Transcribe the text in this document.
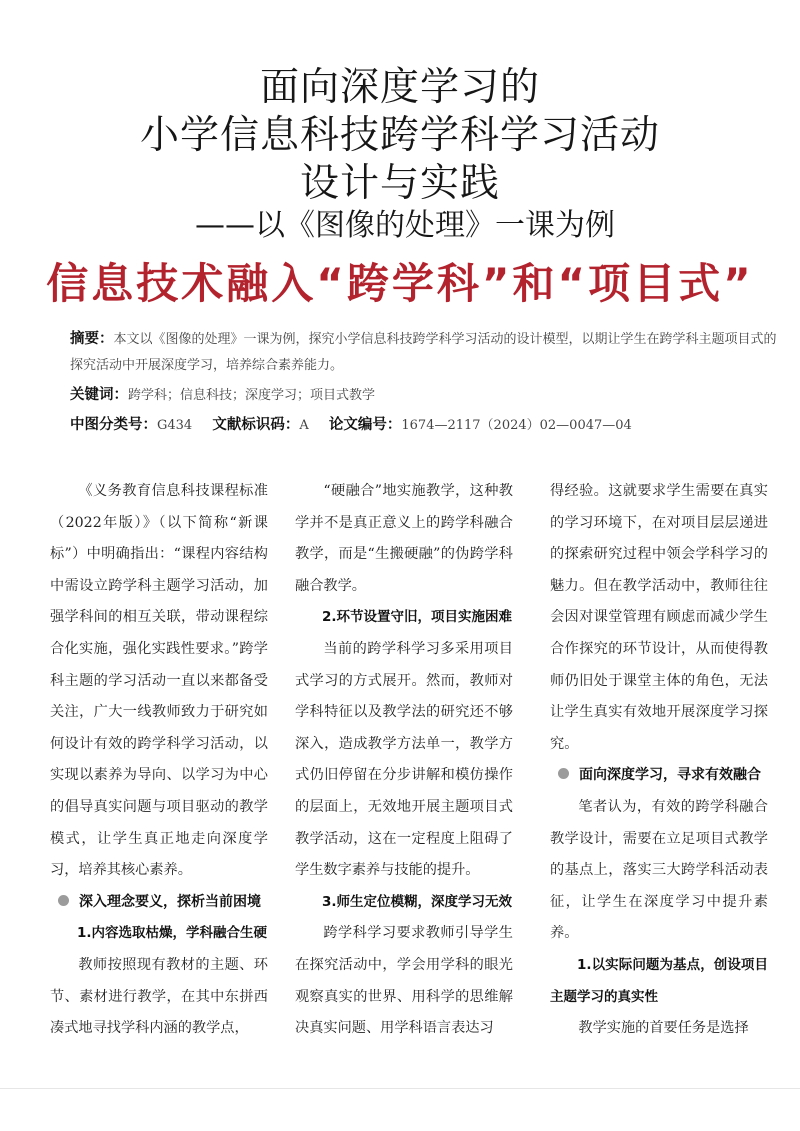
面向深度学习的
小学信息科技跨学科学习活动
设计与实践
——以《图像的处理》一课为例
信息技术融入“跨学科”和“项目式”
摘要：本文以《图像的处理》一课为例，探究小学信息科技跨学科学习活动的设计模型，以期让学生在跨学科主题项目式的探究活动中开展深度学习，培养综合素养能力。
关键词：跨学科；信息科技；深度学习；项目式教学
中图分类号：G434 文献标识码：A 论文编号：1674—2117（2024）02—0047—04

《义务教育信息科技课程标准（2022年版）》（以下简称“新课标”）中明确指出：“课程内容结构中需设立跨学科主题学习活动，加强学科间的相互关联，带动课程综合化实施，强化实践性要求。”跨学科主题的学习活动一直以来都备受关注，广大一线教师致力于研究如何设计有效的跨学科学习活动，以实现以素养为导向、以学习为中心的倡导真实问题与项目驱动的教学模式，让学生真正地走向深度学习，培养其核心素养。

深入理念要义，探析当前困境
1.内容选取枯燥，学科融合生硬

教师按照现有教材的主题、环节、素材进行教学，在其中东拼西凑式地寻找学科内涵的教学点，

“硬融合”地实施教学，这种教学并不是真正意义上的跨学科融合教学，而是“生搬硬融”的伪跨学科融合教学。

2.环节设置守旧，项目实施困难

当前的跨学科学习多采用项目式学习的方式展开。然而，教师对学科特征以及教学法的研究还不够深入，造成教学方法单一，教学方式仍旧停留在分步讲解和模仿操作的层面上，无效地开展主题项目式教学活动，这在一定程度上阻碍了学生数字素养与技能的提升。

3.师生定位模糊，深度学习无效

跨学科学习要求教师引导学生在探究活动中，学会用学科的眼光观察真实的世界、用科学的思维解决真实问题、用学科语言表达习

得经验。这就要求学生需要在真实的学习环境下，在对项目层层递进的探索研究过程中领会学科学习的魅力。但在教学活动中，教师往往会因对课堂管理有顾虑而减少学生合作探究的环节设计，从而使得教师仍旧处于课堂主体的角色，无法让学生真实有效地开展深度学习探究。

面向深度学习，寻求有效融合

笔者认为，有效的跨学科融合教学设计，需要在立足项目式教学的基点上，落实三大跨学科活动表征，让学生在深度学习中提升素养。

1.以实际问题为基点，创设项目主题学习的真实性

教学实施的首要任务是选择
